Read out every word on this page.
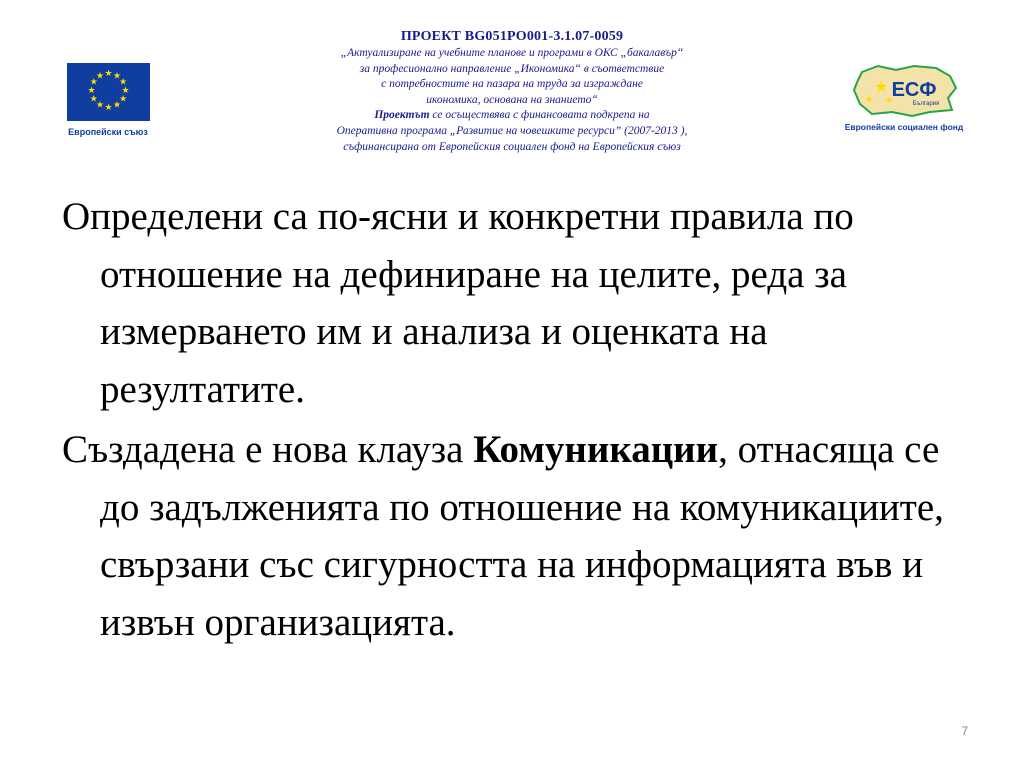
ПРОЕКТ BG051PO001-3.1.07-0059
„Актуализиране на учебните планове и програми в ОКС „бакалавър“
за професионално направление „Икономика“ в съответствие
с потребностите на пазара на труда за изграждане
икономика, основана на знанието“
Проектът се осъществява с финансовата подкрепа на
Оперативна програма „Развитие на човешките ресурси” (2007-2013 ),
съфинансирана от Европейския социален фонд на Европейския съюз
★ ★
★
★
★
★
★
★
★
★
★
★
Европейски съюз
★
★
★ ЕСФ
България
Европейски социален фонд

Определени са по-ясни и конкретни правила по отношение на дефиниране на целите, реда за измерването им и анализа и оценката на резултатите.

Създадена е нова клауза Комуникации, отнасяща се до задълженията по отношение на комуникациите, свързани със сигурността на информацията във и извън организацията.

7
